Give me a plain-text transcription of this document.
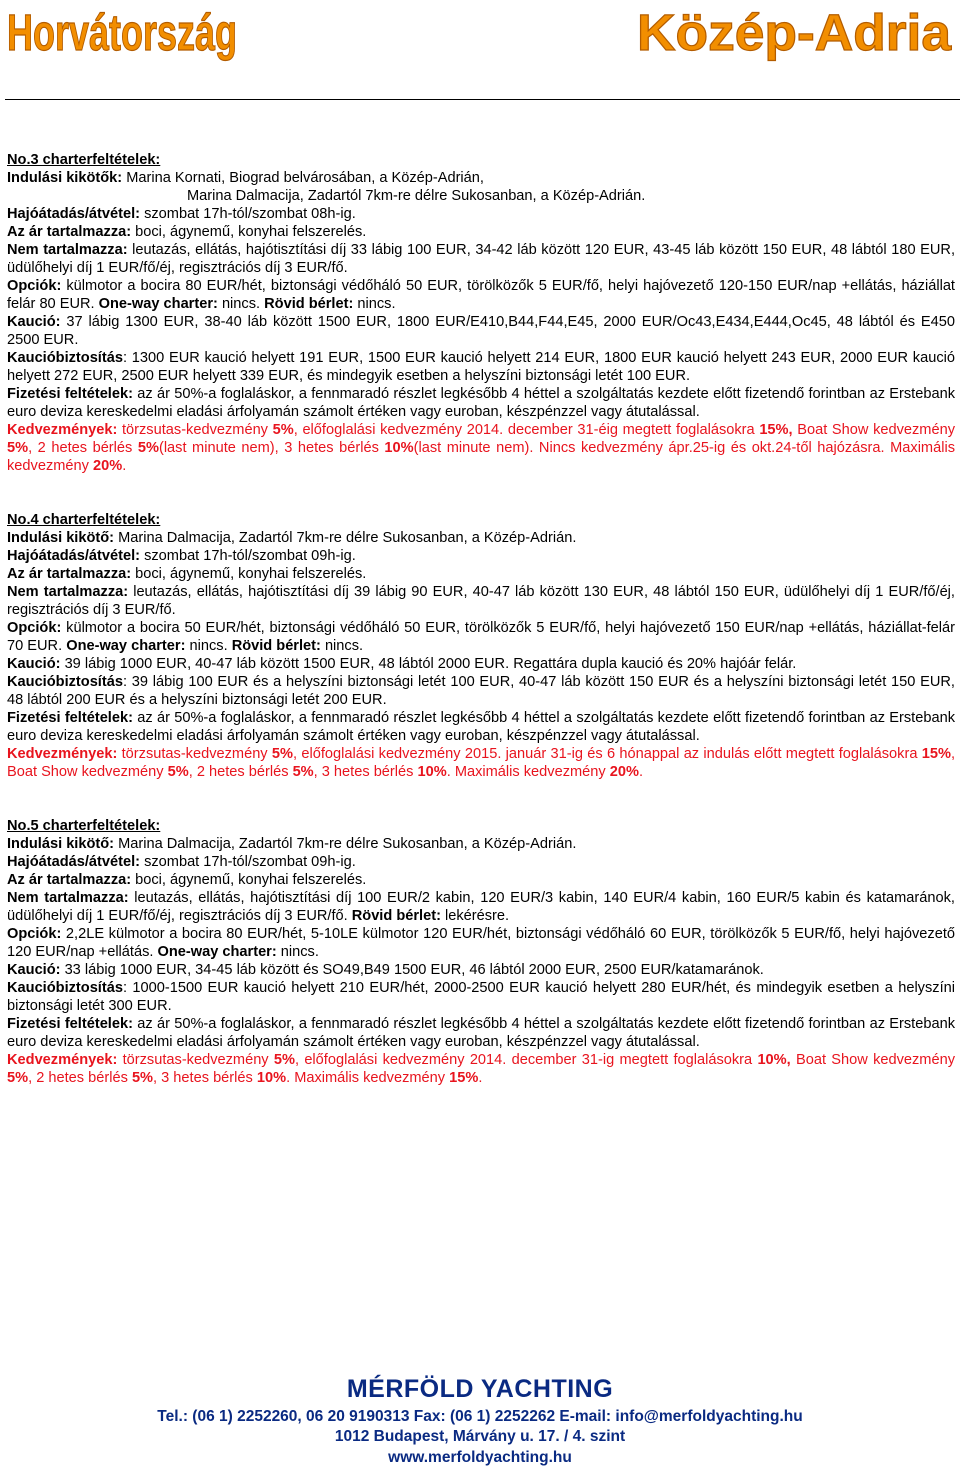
Horvátország	Közép-Adria
No.3 charterfeltételek:

Indulási kikötők: Marina Kornati, Biograd belvárosában, a Közép-Adrián,

Marina Dalmacija, Zadartól 7km-re délre Sukosanban, a Közép-Adrián.

Hajóátadás/átvétel: szombat 17h-tól/szombat 08h-ig.

Az ár tartalmazza: boci, ágynemű, konyhai felszerelés.

Nem tartalmazza: leutazás, ellátás, hajótisztítási díj 33 lábig 100 EUR, 34-42 láb között 120 EUR, 43-45 láb között 150 EUR, 48 lábtól 180 EUR, üdülőhelyi díj 1 EUR/fő/éj, regisztrációs díj 3 EUR/fő.

Opciók: külmotor a bocira 80 EUR/hét, biztonsági védőháló 50 EUR, törölközők 5 EUR/fő, helyi hajóvezető 120-150 EUR/nap +ellátás, háziállat felár 80 EUR. One-way charter: nincs. Rövid bérlet: nincs.

Kaució: 37 lábig 1300 EUR, 38-40 láb között 1500 EUR, 1800 EUR/E410,B44,F44,E45, 2000 EUR/Oc43,E434,E444,Oc45, 48 lábtól és E450 2500 EUR.

Kaucióbiztosítás: 1300 EUR kaució helyett 191 EUR, 1500 EUR kaució helyett 214 EUR, 1800 EUR kaució helyett 243 EUR, 2000 EUR kaució helyett 272 EUR, 2500 EUR helyett 339 EUR, és mindegyik esetben a helyszíni biztonsági letét 100 EUR.

Fizetési feltételek: az ár 50%-a foglaláskor, a fennmaradó részlet legkésőbb 4 héttel a szolgáltatás kezdete előtt fizetendő forintban az Erstebank euro deviza kereskedelmi eladási árfolyamán számolt értéken vagy euroban, készpénzzel vagy átutalással.

Kedvezmények: törzsutas-kedvezmény 5%, előfoglalási kedvezmény 2014. december 31-éig megtett foglalásokra 15%, Boat Show kedvezmény 5%, 2 hetes bérlés 5%(last minute nem), 3 hetes bérlés 10%(last minute nem). Nincs kedvezmény ápr.25-ig és okt.24-től hajózásra. Maximális kedvezmény 20%.

No.4 charterfeltételek:

Indulási kikötő: Marina Dalmacija, Zadartól 7km-re délre Sukosanban, a Közép-Adrián.

Hajóátadás/átvétel: szombat 17h-tól/szombat 09h-ig.

Az ár tartalmazza: boci, ágynemű, konyhai felszerelés.

Nem tartalmazza: leutazás, ellátás, hajótisztítási díj 39 lábig 90 EUR, 40-47 láb között 130 EUR, 48 lábtól 150 EUR, üdülőhelyi díj 1 EUR/fő/éj, regisztrációs díj 3 EUR/fő.

Opciók: külmotor a bocira 50 EUR/hét, biztonsági védőháló 50 EUR, törölközők 5 EUR/fő, helyi hajóvezető 150 EUR/nap +ellátás, háziállat-felár 70 EUR. One-way charter: nincs. Rövid bérlet: nincs.

Kaució: 39 lábig 1000 EUR, 40-47 láb között 1500 EUR, 48 lábtól 2000 EUR. Regattára dupla kaució és 20% hajóár felár.

Kaucióbiztosítás: 39 lábig 100 EUR és a helyszíni biztonsági letét 100 EUR, 40-47 láb között 150 EUR és a helyszíni biztonsági letét 150 EUR, 48 lábtól 200 EUR és a helyszíni biztonsági letét 200 EUR.

Fizetési feltételek: az ár 50%-a foglaláskor, a fennmaradó részlet legkésőbb 4 héttel a szolgáltatás kezdete előtt fizetendő forintban az Erstebank euro deviza kereskedelmi eladási árfolyamán számolt értéken vagy euroban, készpénzzel vagy átutalással.

Kedvezmények: törzsutas-kedvezmény 5%, előfoglalási kedvezmény 2015. január 31-ig és 6 hónappal az indulás előtt megtett foglalásokra 15%, Boat Show kedvezmény 5%, 2 hetes bérlés 5%, 3 hetes bérlés 10%. Maximális kedvezmény 20%.

No.5 charterfeltételek:

Indulási kikötő: Marina Dalmacija, Zadartól 7km-re délre Sukosanban, a Közép-Adrián.

Hajóátadás/átvétel: szombat 17h-tól/szombat 09h-ig.

Az ár tartalmazza: boci, ágynemű, konyhai felszerelés.

Nem tartalmazza: leutazás, ellátás, hajótisztítási díj 100 EUR/2 kabin, 120 EUR/3 kabin, 140 EUR/4 kabin, 160 EUR/5 kabin és katamaránok, üdülőhelyi díj 1 EUR/fő/éj, regisztrációs díj 3 EUR/fő. Rövid bérlet: lekérésre.

Opciók: 2,2LE külmotor a bocira 80 EUR/hét, 5-10LE külmotor 120 EUR/hét, biztonsági védőháló 60 EUR, törölközők 5 EUR/fő, helyi hajóvezető 120 EUR/nap +ellátás. One-way charter: nincs.

Kaució: 33 lábig 1000 EUR, 34-45 láb között és SO49,B49 1500 EUR, 46 lábtól 2000 EUR, 2500 EUR/katamaránok.

Kaucióbiztosítás: 1000-1500 EUR kaució helyett 210 EUR/hét, 2000-2500 EUR kaució helyett 280 EUR/hét, és mindegyik esetben a helyszíni biztonsági letét 300 EUR.

Fizetési feltételek: az ár 50%-a foglaláskor, a fennmaradó részlet legkésőbb 4 héttel a szolgáltatás kezdete előtt fizetendő forintban az Erstebank euro deviza kereskedelmi eladási árfolyamán számolt értéken vagy euroban, készpénzzel vagy átutalással.

Kedvezmények: törzsutas-kedvezmény 5%, előfoglalási kedvezmény 2014. december 31-ig megtett foglalásokra 10%, Boat Show kedvezmény 5%, 2 hetes bérlés 5%, 3 hetes bérlés 10%. Maximális kedvezmény 15%.

MÉRFÖLD YACHTING
Tel.: (06 1) 2252260, 06 20 9190313 Fax: (06 1) 2252262 E-mail: info@merfoldyachting.hu
1012 Budapest, Márvány u. 17. / 4. szint
www.merfoldyachting.hu
